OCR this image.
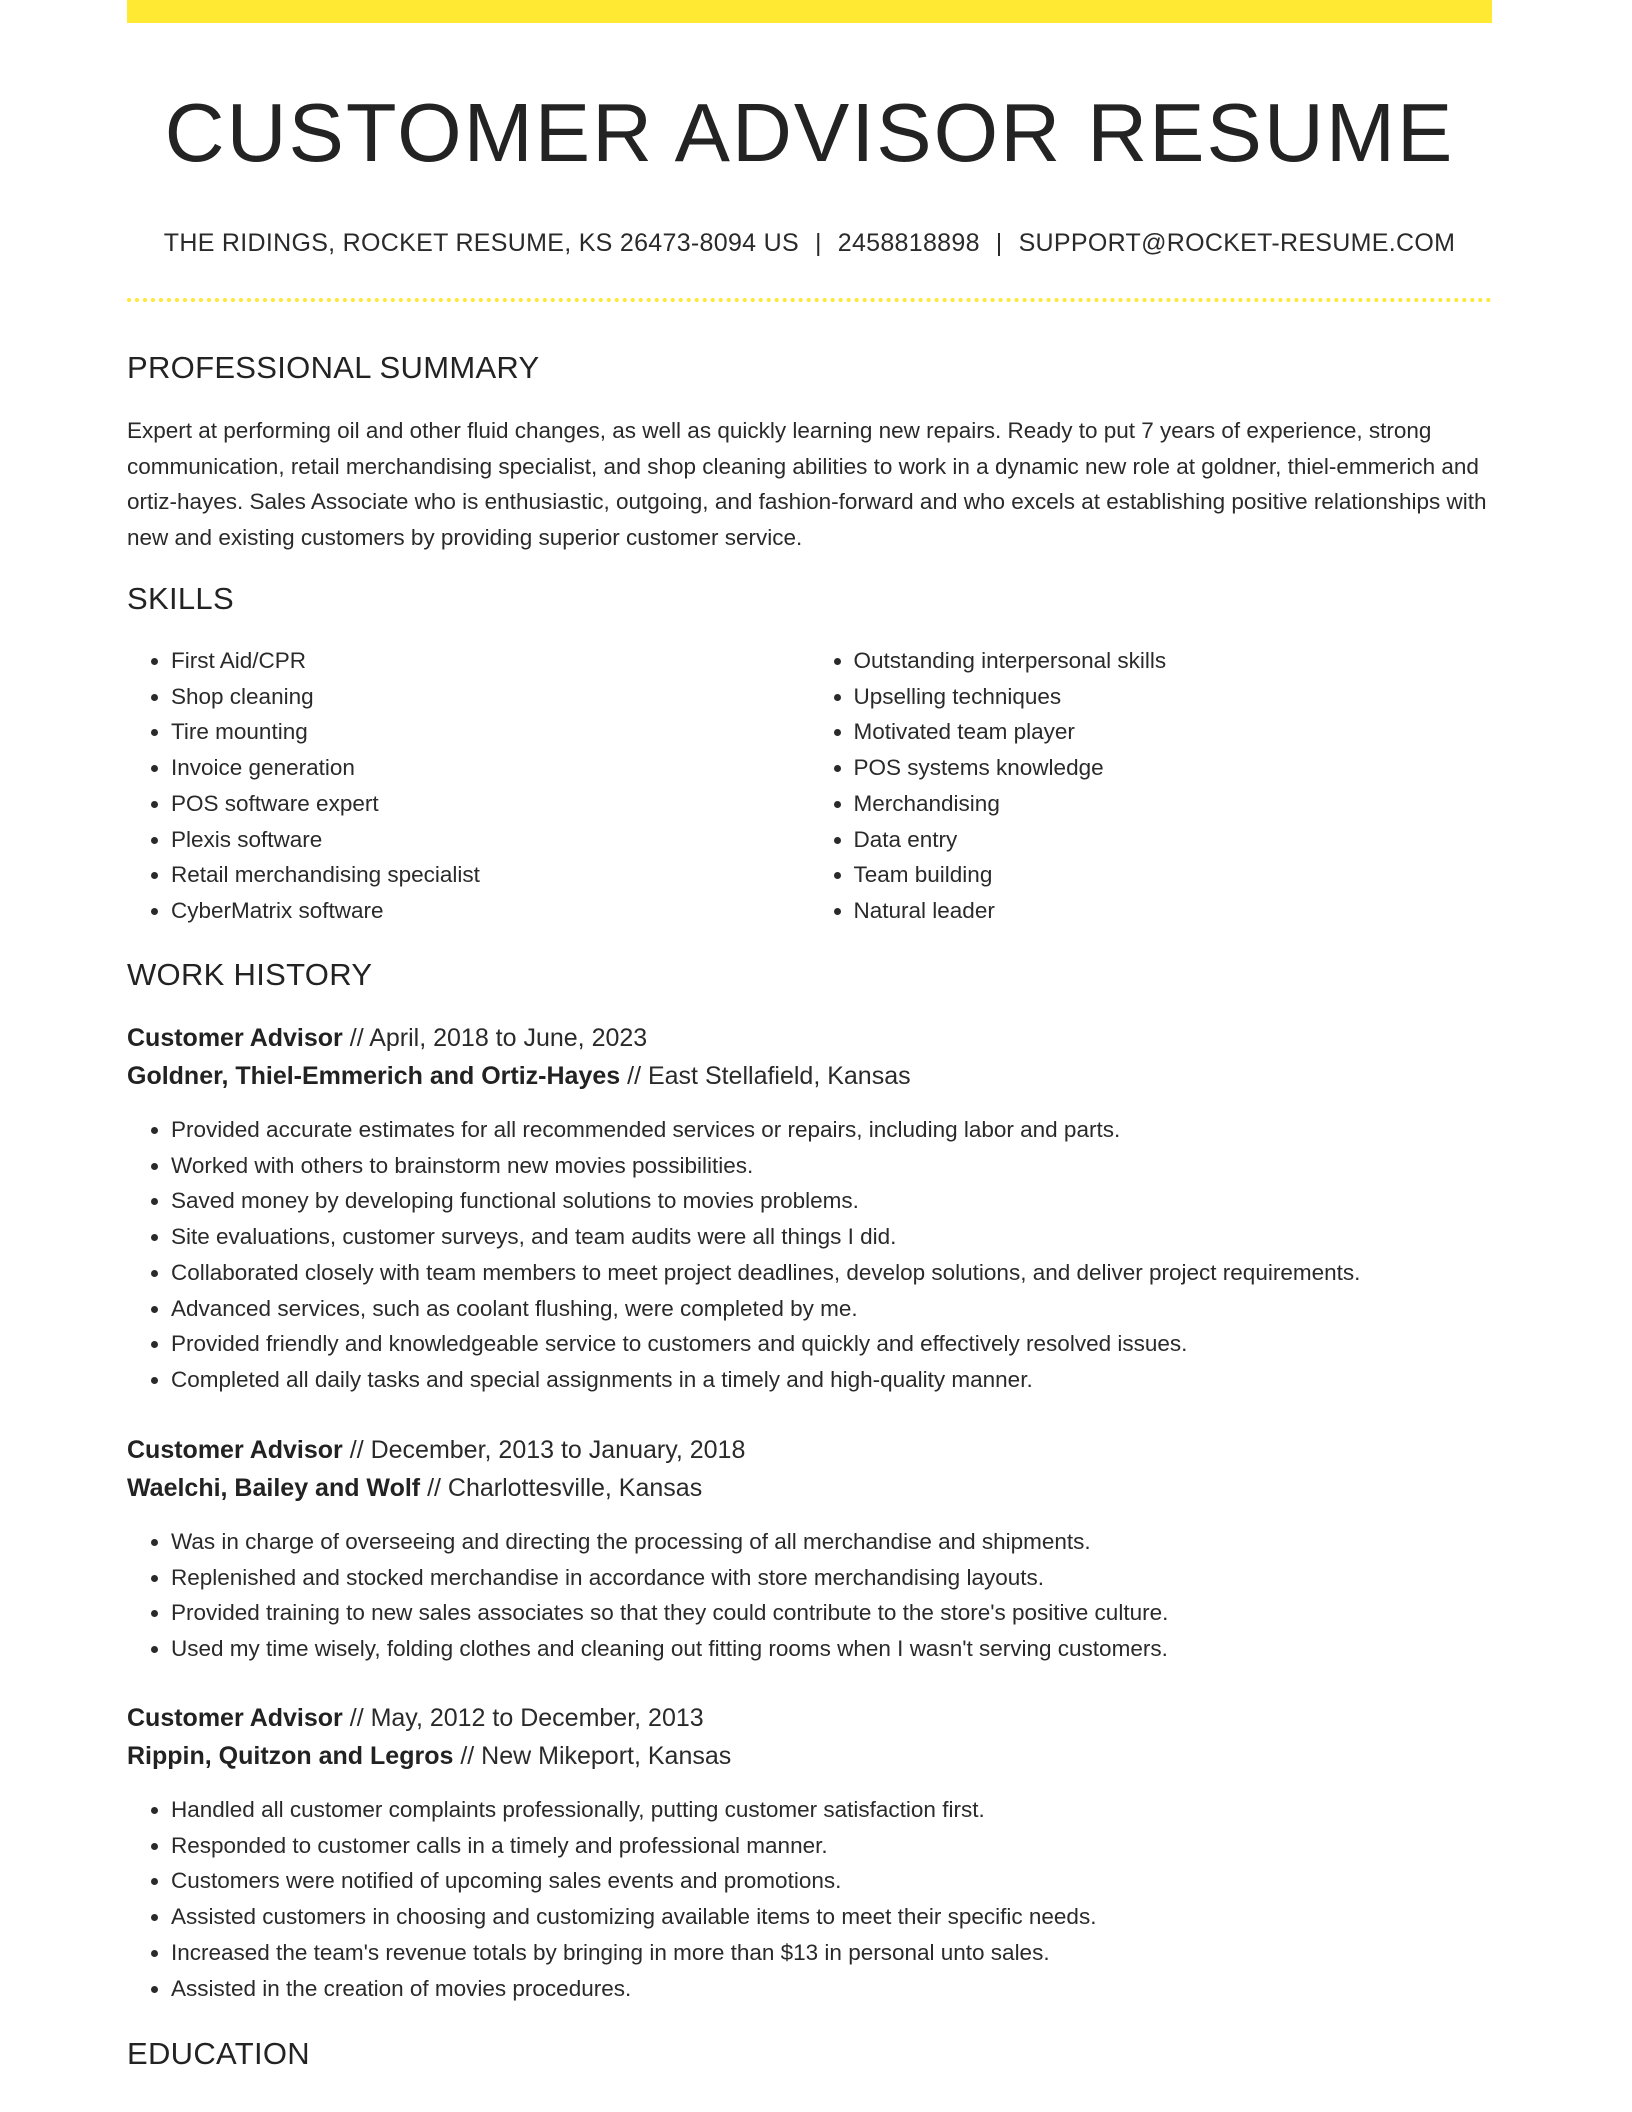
CUSTOMER ADVISOR RESUME
THE RIDINGS, ROCKET RESUME, KS 26473-8094 US | 2458818898 | SUPPORT@ROCKET-RESUME.COM
PROFESSIONAL SUMMARY

Expert at performing oil and other fluid changes, as well as quickly learning new repairs. Ready to put 7 years of experience, strong communication, retail merchandising specialist, and shop cleaning abilities to work in a dynamic new role at goldner, thiel-emmerich and ortiz-hayes. Sales Associate who is enthusiastic, outgoing, and fashion-forward and who excels at establishing positive relationships with new and existing customers by providing superior customer service.

SKILLS
• First Aid/CPR
• Shop cleaning
• Tire mounting
• Invoice generation
• POS software expert
• Plexis software
• Retail merchandising specialist
• CyberMatrix software
• Outstanding interpersonal skills
• Upselling techniques
• Motivated team player
• POS systems knowledge
• Merchandising
• Data entry
• Team building
• Natural leader
WORK HISTORY

Customer Advisor // April, 2018 to June, 2023

Goldner, Thiel-Emmerich and Ortiz-Hayes // East Stellafield, Kansas

• Provided accurate estimates for all recommended services or repairs, including labor and parts.
• Worked with others to brainstorm new movies possibilities.
• Saved money by developing functional solutions to movies problems.
• Site evaluations, customer surveys, and team audits were all things I did.
• Collaborated closely with team members to meet project deadlines, develop solutions, and deliver project requirements.
• Advanced services, such as coolant flushing, were completed by me.
• Provided friendly and knowledgeable service to customers and quickly and effectively resolved issues.
• Completed all daily tasks and special assignments in a timely and high-quality manner.

Customer Advisor // December, 2013 to January, 2018

Waelchi, Bailey and Wolf // Charlottesville, Kansas

• Was in charge of overseeing and directing the processing of all merchandise and shipments.
• Replenished and stocked merchandise in accordance with store merchandising layouts.
• Provided training to new sales associates so that they could contribute to the store's positive culture.
• Used my time wisely, folding clothes and cleaning out fitting rooms when I wasn't serving customers.

Customer Advisor // May, 2012 to December, 2013

Rippin, Quitzon and Legros // New Mikeport, Kansas

• Handled all customer complaints professionally, putting customer satisfaction first.
• Responded to customer calls in a timely and professional manner.
• Customers were notified of upcoming sales events and promotions.
• Assisted customers in choosing and customizing available items to meet their specific needs.
• Increased the team's revenue totals by bringing in more than $13 in personal unto sales.
• Assisted in the creation of movies procedures.
EDUCATION
